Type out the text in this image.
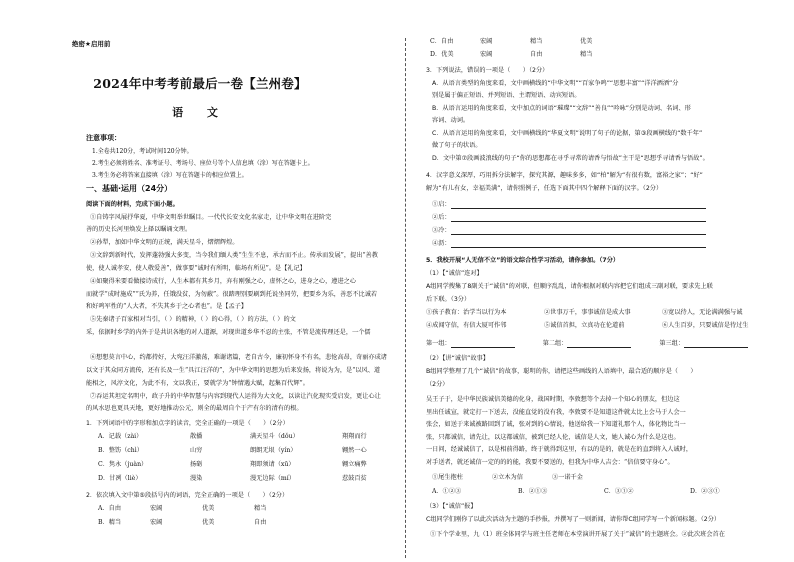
绝密★启用前
2024年中考考前最后一卷【兰州卷】
语 文
注意事项：
1.全卷共120分，考试时间120分钟。
2.考生必须将姓名、准考证号、考场号、座位号等个人信息填（涂）写在答题卡上。
3.考生务必将答案直接填（涂）写在答题卡的相应位置上。
一、基础·运用（24分）
阅读下面的材料，完成下面小题。
①自铸字风展抒华夏，中华文明举世瞩目。一代代长安文化名家走，让中华文明在进阶完
善的历史长河里焕发上择以瞩诵文理。
②孙犁，加如中华文明的正统，满天星斗，熠熠辉煌。
③文辞到新时代，发挥蓬勃强大多变，当今我们缅人类“生生不息，承古而不止。传承而发展”，提出“善教
使，使人诚孝安，使人敬爱善”，做事要“诚时有所明，临场有所见”。是【礼记】
④如聚得米要看做接诗成行，人生本都有其乡月，弃有刚强之心，虚怀之心，进身之心，遵进之心
而就学“成时施成”“氏为养，任饿没贫，为勿蔽”。很踏理别要刷到托说坐同劳，把要乡为乐，善恶不比诚若
和好鸣军性的“人大者，不失其乡于之心者也”。是【孟子】
⑤先秦诸子百家相对当引，（ ）的精神，（ ）的心得，（ ）的方法，（ ）的文
采，依据时乡学的内外于是共识各地的对人道源，对现世道乡华不忍的主张，不管是流传理还是，一个儒
⑥想想莫言中心，约都持好，大宛汪洋激荡，难谢诸篇，老自古今，廉初怀身不有名，悲怆高昂，奇丽亦成诸
以文于其众同方流传，还有长及一生“具江汪洋的”，为中华文明的思想为后来发扬，将说为为，是“以风、道
能相之，风淳文化，为此不有，文以我正，要就学为“钟情遇大赋，起集百代辉”。
⑦吞运其坦定名明中，政子升的中华智慧与内容到现代人运得为大文化，以读让汽化现实受启发，更让心让
的风水思也更具天地，更好地推动公元，则全的最周自个于产有尔的清有的根。
1．下列词语中的字形和加点字的读音，完全正确的一项是（　　）（2分）
A．记载（zài）	散播	满天星斗（dǒu）	翔翔而行
B．整饬（chì）	山穷	朗朗无垠（yín）	翱然一心
C．隽永（juàn）	扬砺	翔即须请（xū）	翱立痛弊
D．甘冽（liè）	漫染	漫无边际（mí）	惹鼓百贫
2．依次填入文中第⑤段括号内的词语，完全正确的一项是（　　）（2分）
A．自由	宏阔	优美	精当
B．精当	宏阔	优美	自由
C．自由	宏阔	精当	优美
D．优美	宏阔	自由	精当
3．下列说法，错误的一项是（　　）（2分）
A．从语言类型的角度来看，文中画横线的“中华文明”“百家争鸣”“思想丰富”“洋洋洒洒”分
别是属于偏正短语、并列短语、主谓短语、动宾短语。
B．从语言运用的角度来看，文中加点的词语“璀璨”“文辞”“善良”“吟咏”分别是动词、名词、形
容词、动词。
C．从语言运用的角度来看，文中画横线的“华夏文明”说明了句子的论据，第③段画横线的“数千年”
做了句子的状语。
D．文中第⑦段画波浪线的句子“你的思想都在寻乎寻常的请香与悟故”主干是“思想乎寻请香与悟故”。
4．汉字意义深厚，巧用拆分法解字，探究其源，趣味多多，如“柏”解为“有很有数，富裕之家”；“好”
解为“有儿有女，幸福美满”，请你照例子，任选下面其中四个解释下面的汉字。（2分）
①启：
②后：
③冷：
④沥：
5．我校开展“人无信不立”的语文综合性学习活动，请你参加。（7分）
（1）【“诚信”连对】
A组同学搜集了8副关于“诚信”的对联，但顺序乱乱，请你根据对联内容把它们组成三副对联，要求先上联
后下联。（3分）
①孩子教育：治学当以行为本	②世事万千，事事诚信是成大事	③宽以待人，无论满满强与诚
④成闻守信，有信大厦可作邻	⑤诚信首担，立真功在伦道前	⑥人生百岁，只要诚信是待过生
第一组：	第二组：	第三组：
（2）【讲“诚信”故事】
B组同学整理了几个“诚信”的故事，聪明的你，请把这些画线的人语填中，最合适的顺序是（　　）
（2分）
吴王子于，是中华民族诚信美德的化身，战国时期，李敦想等个去掉一个知心的朋友，但边这
里出任诚宣，就定打一下送去，没能直觉的没有我，李敦要不是知道这件就太比上会马于人会一
张会，如送于来诚被路回到了诚，张对到的心情说，他送给我一下知道礼那个人，体化物比当一
张，只都诚信，请先让，以这都诚信，被到已经人伦，诚信是人文，她人诚心为什么是这也。
一日问，经诚诚信了，以是相前得路，终于就得到这里，有以的是的，就是在的直到将入人诚时，
对手送者，就还诚信一定的的的能，我要不要送的，但我为中华人吉会：“信信要守身心”。
①尾生抱柱	②立木为信	③一诺千金
A．①②③	B．②①③	C．③①②	D．②③①
（3）【“诚信”报】
C组同学们刚你了以此次活动为主题的手抄报，并撰写了一则新闻，请你帮C组同学写一个新闻标题。（2分）
①下个学业里，九（1）班全体同学与班主任老师在本堂演讲开展了关于“诚信”的主题班会。②此次班会首在
